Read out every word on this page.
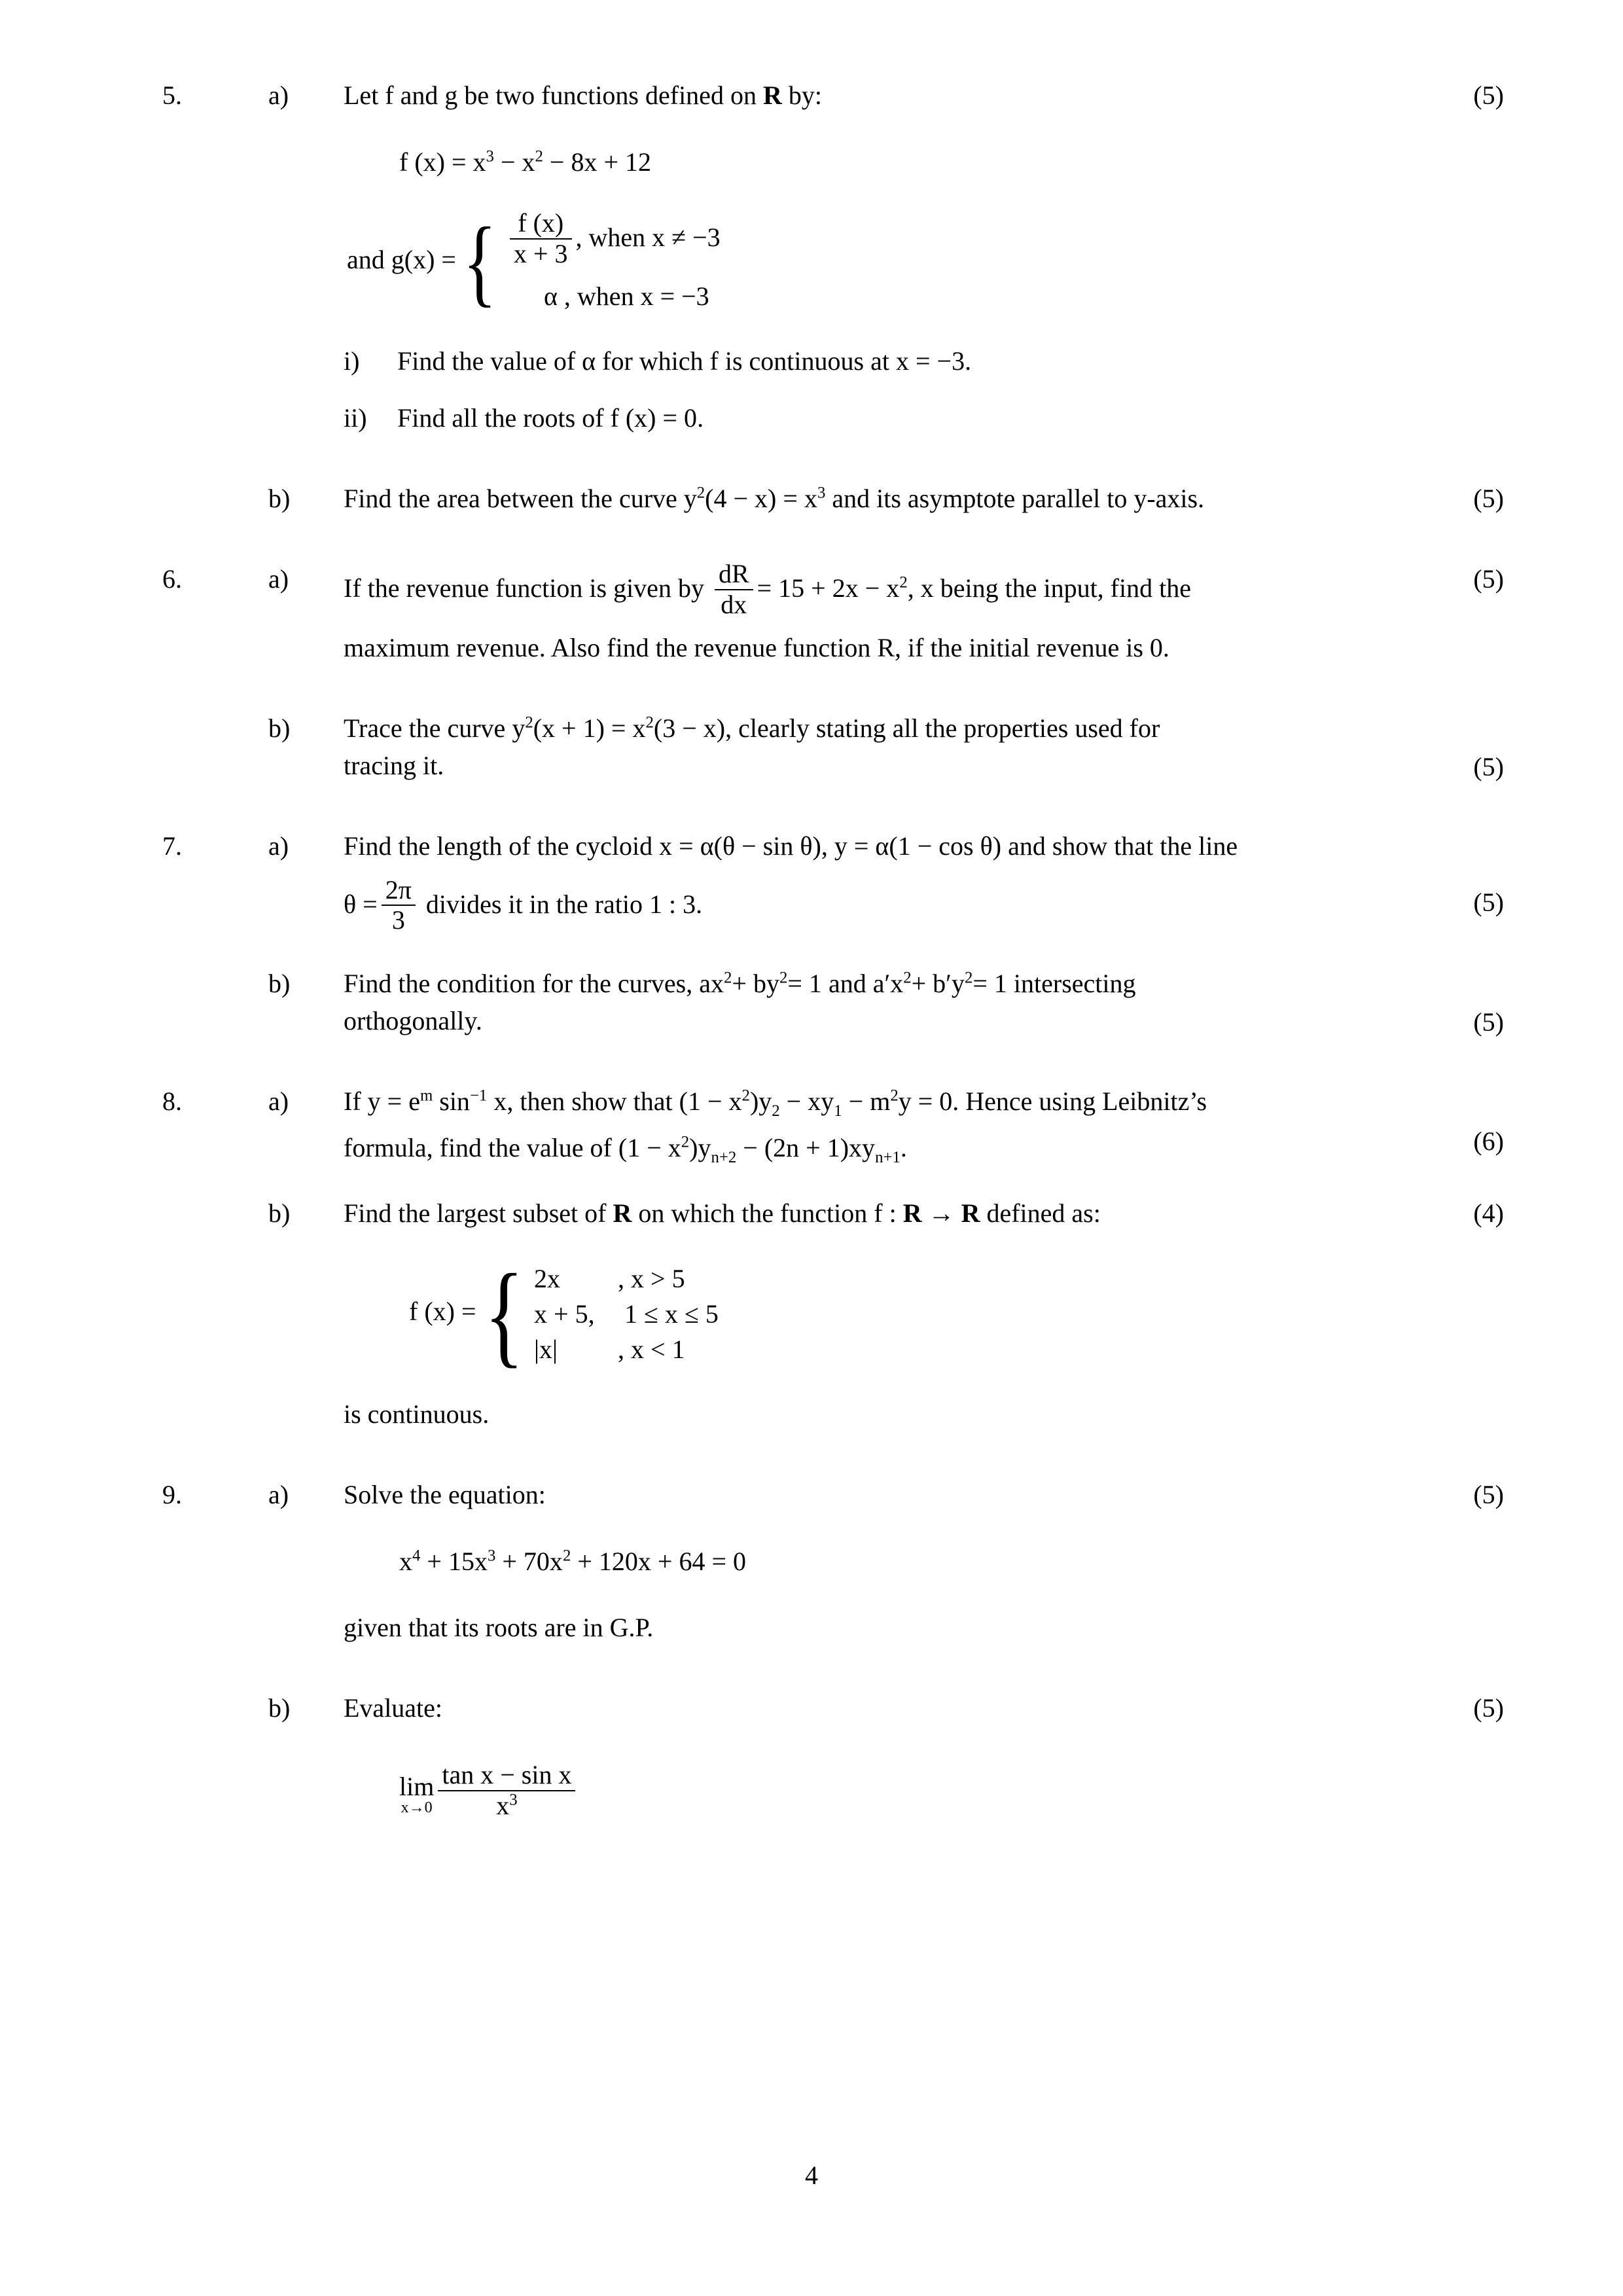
5.	a)	Let f and g be two functions defined on R by:	(5)
f $(x) = x^3 - x^2 - 8x + 12$
and g(x) = { $\frac{f (x)}{x + 3}$ , when x ≠ −3
α , when x = −3
i)	Find the value of α for which f is continuous at x = −3.
ii)	Find all the roots of f (x) = 0.
b)	Find the area between the curve $y^2(4 - x) = x^3$ and its asymptote parallel to y-axis.	(5)
6.	a)	If the revenue function is given by $\frac{dR}{dx} = 15 + 2x - x^2$, x being the input, find the
maximum revenue. Also find the revenue function R, if the initial revenue is 0.
(5)
b)	Trace the curve $y^2(x + 1) = x^2(3 - x)$, clearly stating all the properties used for
tracing it.	(5)
7.	a)	Find the length of the cycloid x = α(θ − sin θ), y = α(1 − cos θ) and show that the line
$\theta = \frac{2\pi}{3}$ divides it in the ratio 1 : 3.	(5)
b)	Find the condition for the curves, $ax^2+ by^2= 1$ and $a'x^2+ b'y^2= 1$ intersecting
orthogonally.	(5)
8.	a)	If $y = e^m$ $\sin^{-1} x$, then show that $(1 - x^2)y_2 - xy_1 - m^2y = 0$. Hence using Leibnitz’s
formula, find the value of $(1 - x^2)y_{n+2} - (2n + 1)xy_{n+1}$.	(6)
b)	Find the largest subset of R on which the function f : R → R defined as:	(4)
f (x) = { 2x , x > 5
x + 5, 1 ≤ x ≤ 5
|x| , x < 1
is continuous.
9.	a)	Solve the equation:	(5)
$x^4 + 15x^3 + 70x^2 + 120x + 64 = 0$
given that its roots are in G.P.
b)	Evaluate:	(5)
lim
$x\to 0 \frac{\text{tan x − sin x}}{x^3}$
4
